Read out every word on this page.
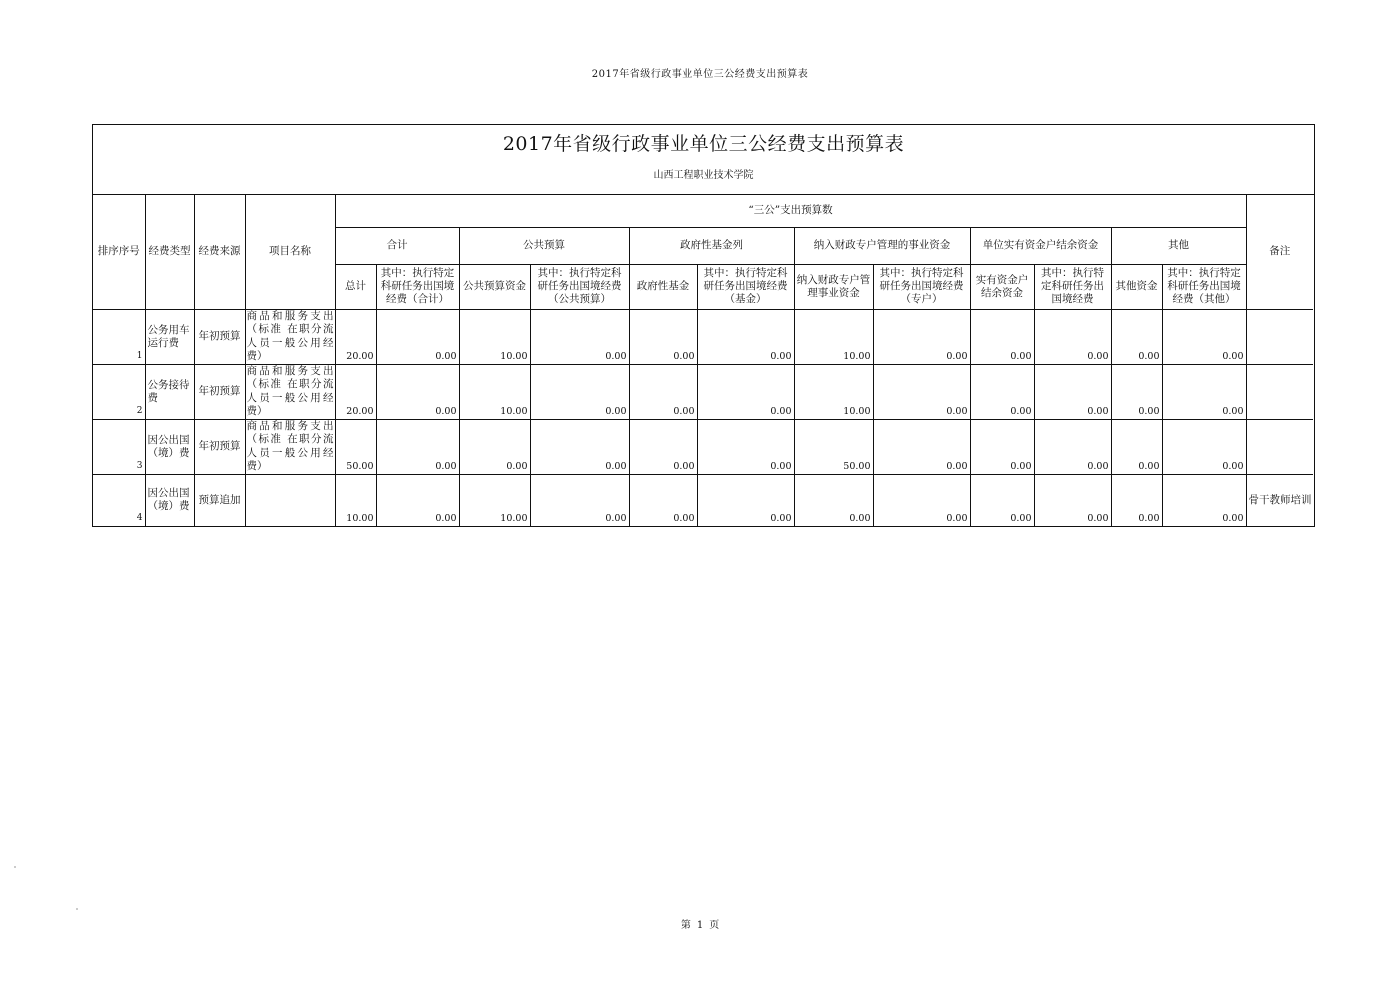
2017年省级行政事业单位三公经费支出预算表
2017年省级行政事业单位三公经费支出预算表
山西工程职业技术学院
排序序号	经费类型	经费来源	项目名称	“三公”支出预算数												备注
				合计		公共预算		政府性基金列		纳入财政专户管理的事业资金		单位实有资金户结余资金		其他		
				总计	其中：执行特定科研任务出国境经费（合计）	公共预算资金	其中：执行特定科研任务出国境经费（公共预算）	政府性基金	其中：执行特定科研任务出国境经费（基金）	纳入财政专户管理事业资金	其中：执行特定科研任务出国境经费（专户）	实有资金户结余资金	其中：执行特定科研任务出国境经费	其他资金	其中：执行特定科研任务出国境经费（其他）	
1	公务用车运行费	年初预算	商品和服务支出（标准 在职分流人员一般公用经费）	20.00	0.00	10.00	0.00	0.00	0.00	10.00	0.00	0.00	0.00	0.00	0.00	
2	公务接待费	年初预算	商品和服务支出（标准 在职分流人员一般公用经费）	20.00	0.00	10.00	0.00	0.00	0.00	10.00	0.00	0.00	0.00	0.00	0.00	
3	因公出国（境）费	年初预算	商品和服务支出（标准 在职分流人员一般公用经费）	50.00	0.00	0.00	0.00	0.00	0.00	50.00	0.00	0.00	0.00	0.00	0.00	
4	因公出国（境）费	预算追加		10.00	0.00	10.00	0.00	0.00	0.00	0.00	0.00	0.00	0.00	0.00	0.00	骨干教师培训
第 1 页
